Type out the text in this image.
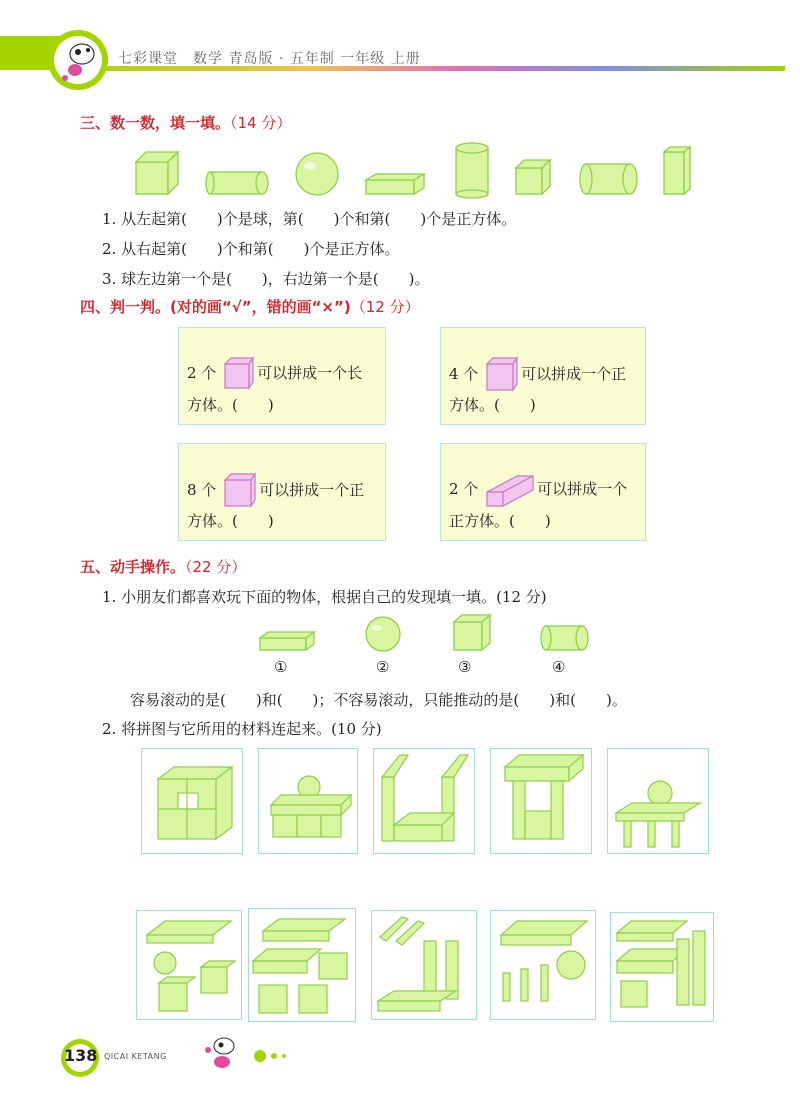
七彩课堂　数学 青岛版 · 五年制 一年级 上册
三、数一数，填一填。（14 分）
1. 从左起第(　　)个是球，第(　　)个和第(　　)个是正方体。
2. 从右起第(　　)个和第(　　)个是正方体。
3. 球左边第一个是(　　)，右边第一个是(　　)。
四、判一判。(对的画“√”，错的画“×”)（12 分）
2 个	可以拼成一个长
方体。(　　)
4 个	可以拼成一个正
方体。(　　)
8 个	可以拼成一个正
方体。(　　)
2 个	可以拼成一个
正方体。(　　)
五、动手操作。（22 分）
1. 小朋友们都喜欢玩下面的物体，根据自己的发现填一填。(12 分)
①	②	③	④
容易滚动的是(　　)和(　　)；不容易滚动，只能推动的是(　　)和(　　)。
2. 将拼图与它所用的材料连起来。(10 分)
138 QICAI KETANG
